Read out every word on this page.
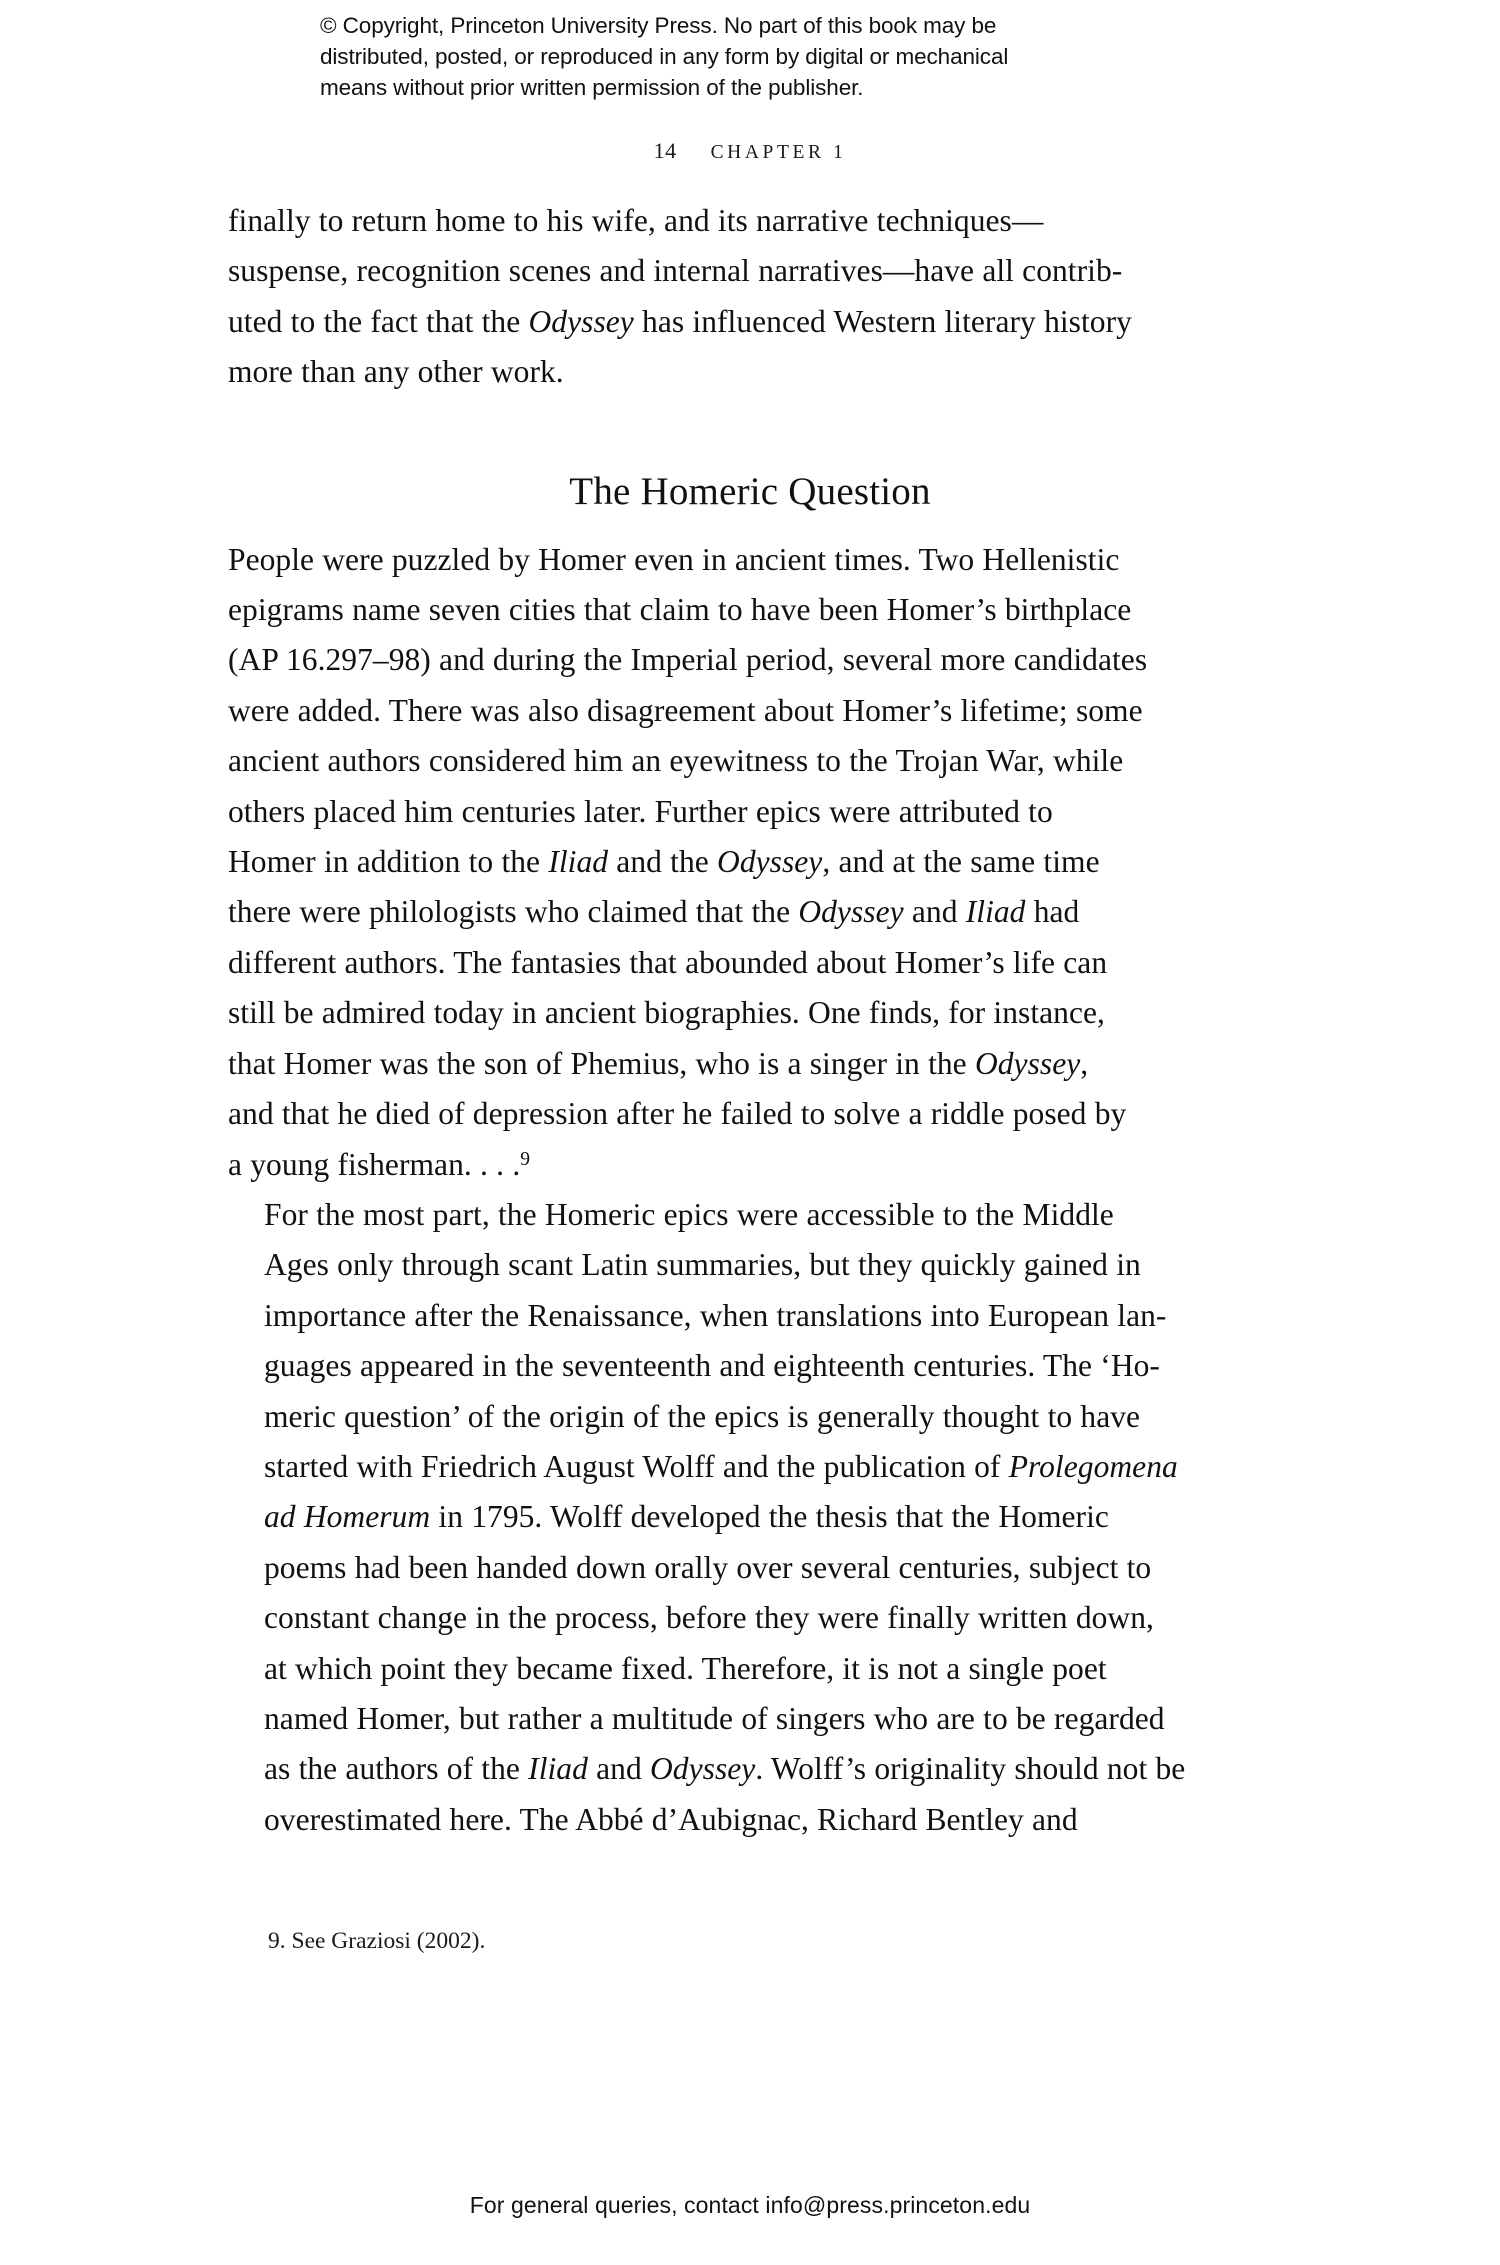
© Copyright, Princeton University Press. No part of this book may be
distributed, posted, or reproduced in any form by digital or mechanical
means without prior written permission of the publisher.
14 CHAPTER 1
The Homeric Question

finally to return home to his wife, and its narrative techniques—
suspense, recognition scenes and internal narratives—have all contrib-
uted to the fact that the Odyssey has influenced Western literary history
more than any other work.

People were puzzled by Homer even in ancient times. Two Hellenistic
epigrams name seven cities that claim to have been Homer’s birthplace
(AP 16.297–98) and during the Imperial period, several more candidates
were added. There was also disagreement about Homer’s lifetime; some
ancient authors considered him an eyewitness to the Trojan War, while
others placed him centuries later. Further epics were attributed to
Homer in addition to the Iliad and the Odyssey, and at the same time
there were philologists who claimed that the Odyssey and Iliad had
different authors. The fantasies that abounded about Homer’s life can
still be admired today in ancient biographies. One finds, for instance,
that Homer was the son of Phemius, who is a singer in the Odyssey,
and that he died of depression after he failed to solve a riddle posed by
a young fisherman. . . .$^9$

For the most part, the Homeric epics were accessible to the Middle
Ages only through scant Latin summaries, but they quickly gained in
importance after the Renaissance, when translations into European lan-
guages appeared in the seventeenth and eighteenth centuries. The ‘Ho-
meric question’ of the origin of the epics is generally thought to have
started with Friedrich August Wolff and the publication of Prolegomena
ad Homerum in 1795. Wolff developed the thesis that the Homeric
poems had been handed down orally over several centuries, subject to
constant change in the process, before they were finally written down,
at which point they became fixed. Therefore, it is not a single poet
named Homer, but rather a multitude of singers who are to be regarded
as the authors of the Iliad and Odyssey. Wolff’s originality should not be
overestimated here. The Abbé d’Aubignac, Richard Bentley and

9. See Graziosi (2002).
For general queries, contact info@press.princeton.edu
